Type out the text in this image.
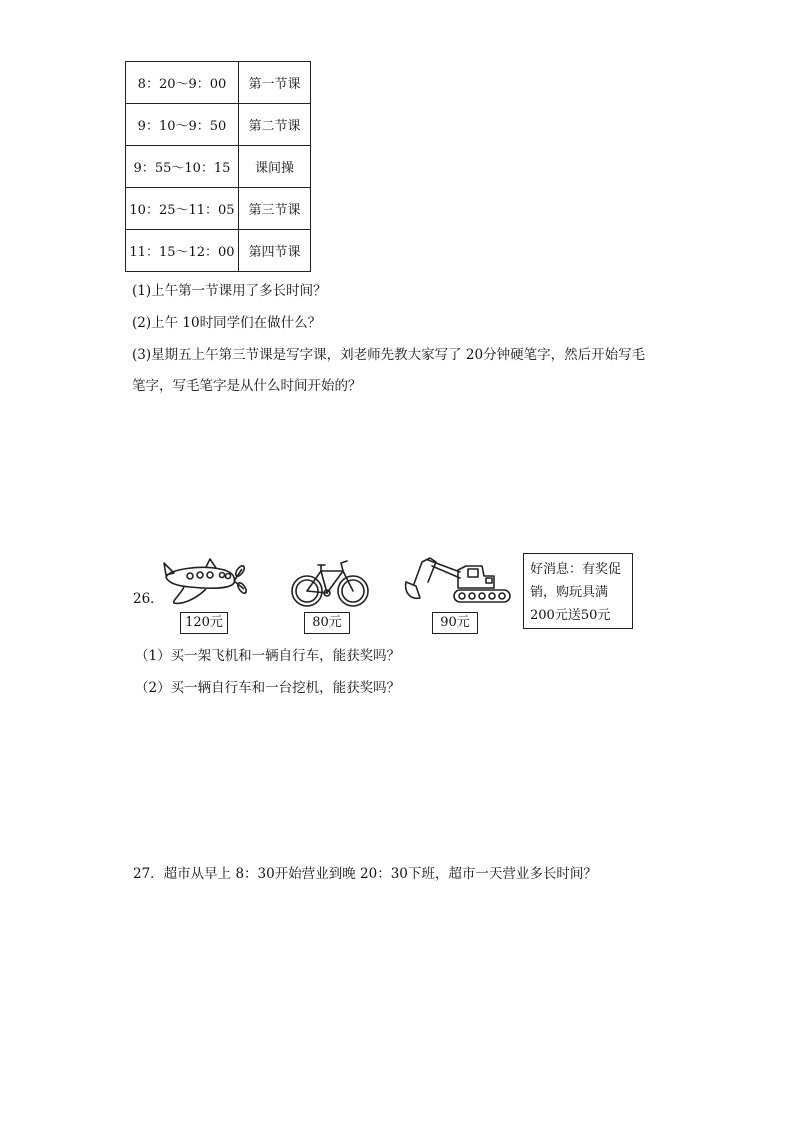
8：20～9：00	第一节课
9：10～9：50	第二节课
9：55～10：15	课间操
10：25～11：05	第三节课
11：15～12：00	第四节课
(1)上午第一节课用了多长时间？
(2)上午 10时同学们在做什么？
(3)星期五上午第三节课是写字课，刘老师先教大家写了 20分钟硬笔字，然后开始写毛
笔字，写毛笔字是从什么时间开始的？
26．
120元	80元	90元
好消息：有奖促
销，购玩具满
200元送50元
（1）买一架飞机和一辆自行车，能获奖吗？
（2）买一辆自行车和一台挖机，能获奖吗？
27．超市从早上 8：30开始营业到晚 20：30下班，超市一天营业多长时间？
